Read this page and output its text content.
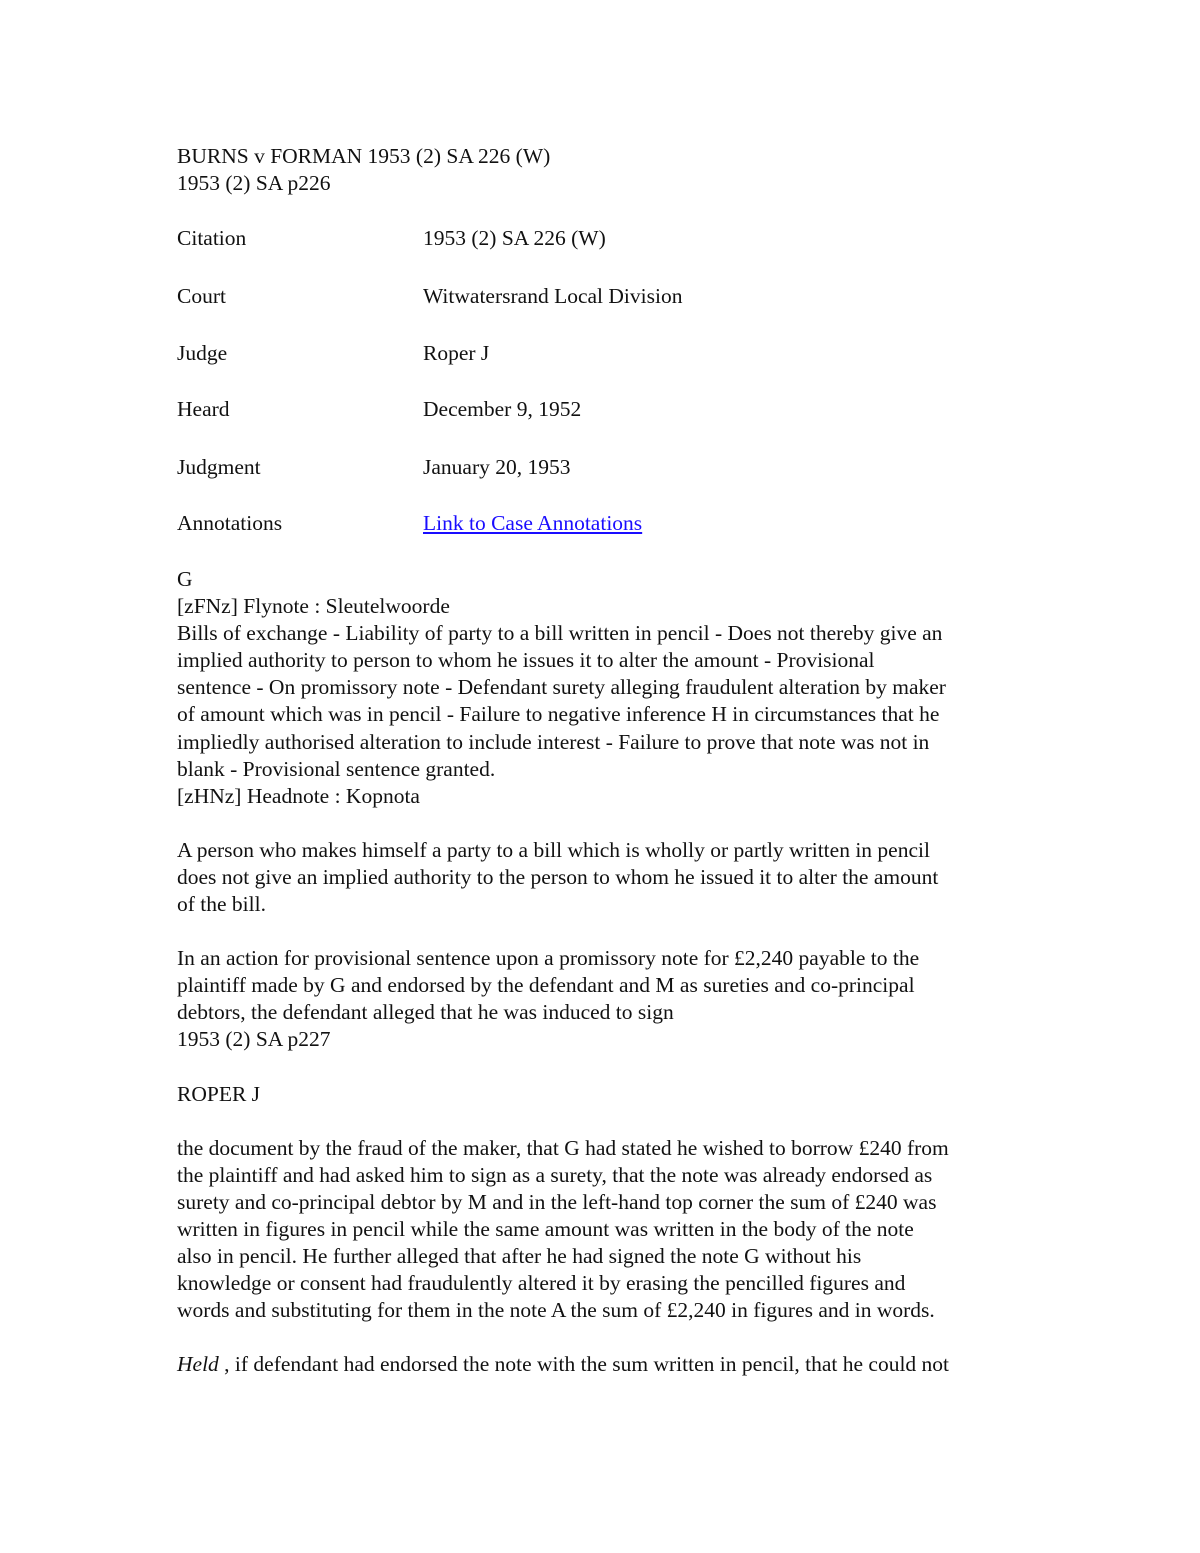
BURNS v FORMAN 1953 (2) SA 226 (W)
1953 (2) SA p226
Citation	1953 (2) SA 226 (W)
Court	Witwatersrand Local Division
Judge	Roper J
Heard	December 9, 1952
Judgment	January 20, 1953
Annotations	Link to Case Annotations
G
[zFNz] Flynote : Sleutelwoorde
Bills of exchange - Liability of party to a bill written in pencil - Does not thereby give an
implied authority to person to whom he issues it to alter the amount - Provisional
sentence - On promissory note - Defendant surety alleging fraudulent alteration by maker
of amount which was in pencil - Failure to negative inference H in circumstances that he
impliedly authorised alteration to include interest - Failure to prove that note was not in
blank - Provisional sentence granted.
[zHNz] Headnote : Kopnota
A person who makes himself a party to a bill which is wholly or partly written in pencil
does not give an implied authority to the person to whom he issued it to alter the amount
of the bill.
In an action for provisional sentence upon a promissory note for £2,240 payable to the
plaintiff made by G and endorsed by the defendant and M as sureties and co-principal
debtors, the defendant alleged that he was induced to sign
1953 (2) SA p227
ROPER J
the document by the fraud of the maker, that G had stated he wished to borrow £240 from
the plaintiff and had asked him to sign as a surety, that the note was already endorsed as
surety and co-principal debtor by M and in the left-hand top corner the sum of £240 was
written in figures in pencil while the same amount was written in the body of the note
also in pencil. He further alleged that after he had signed the note G without his
knowledge or consent had fraudulently altered it by erasing the pencilled figures and
words and substituting for them in the note A the sum of £2,240 in figures and in words.
Held , if defendant had endorsed the note with the sum written in pencil, that he could not
